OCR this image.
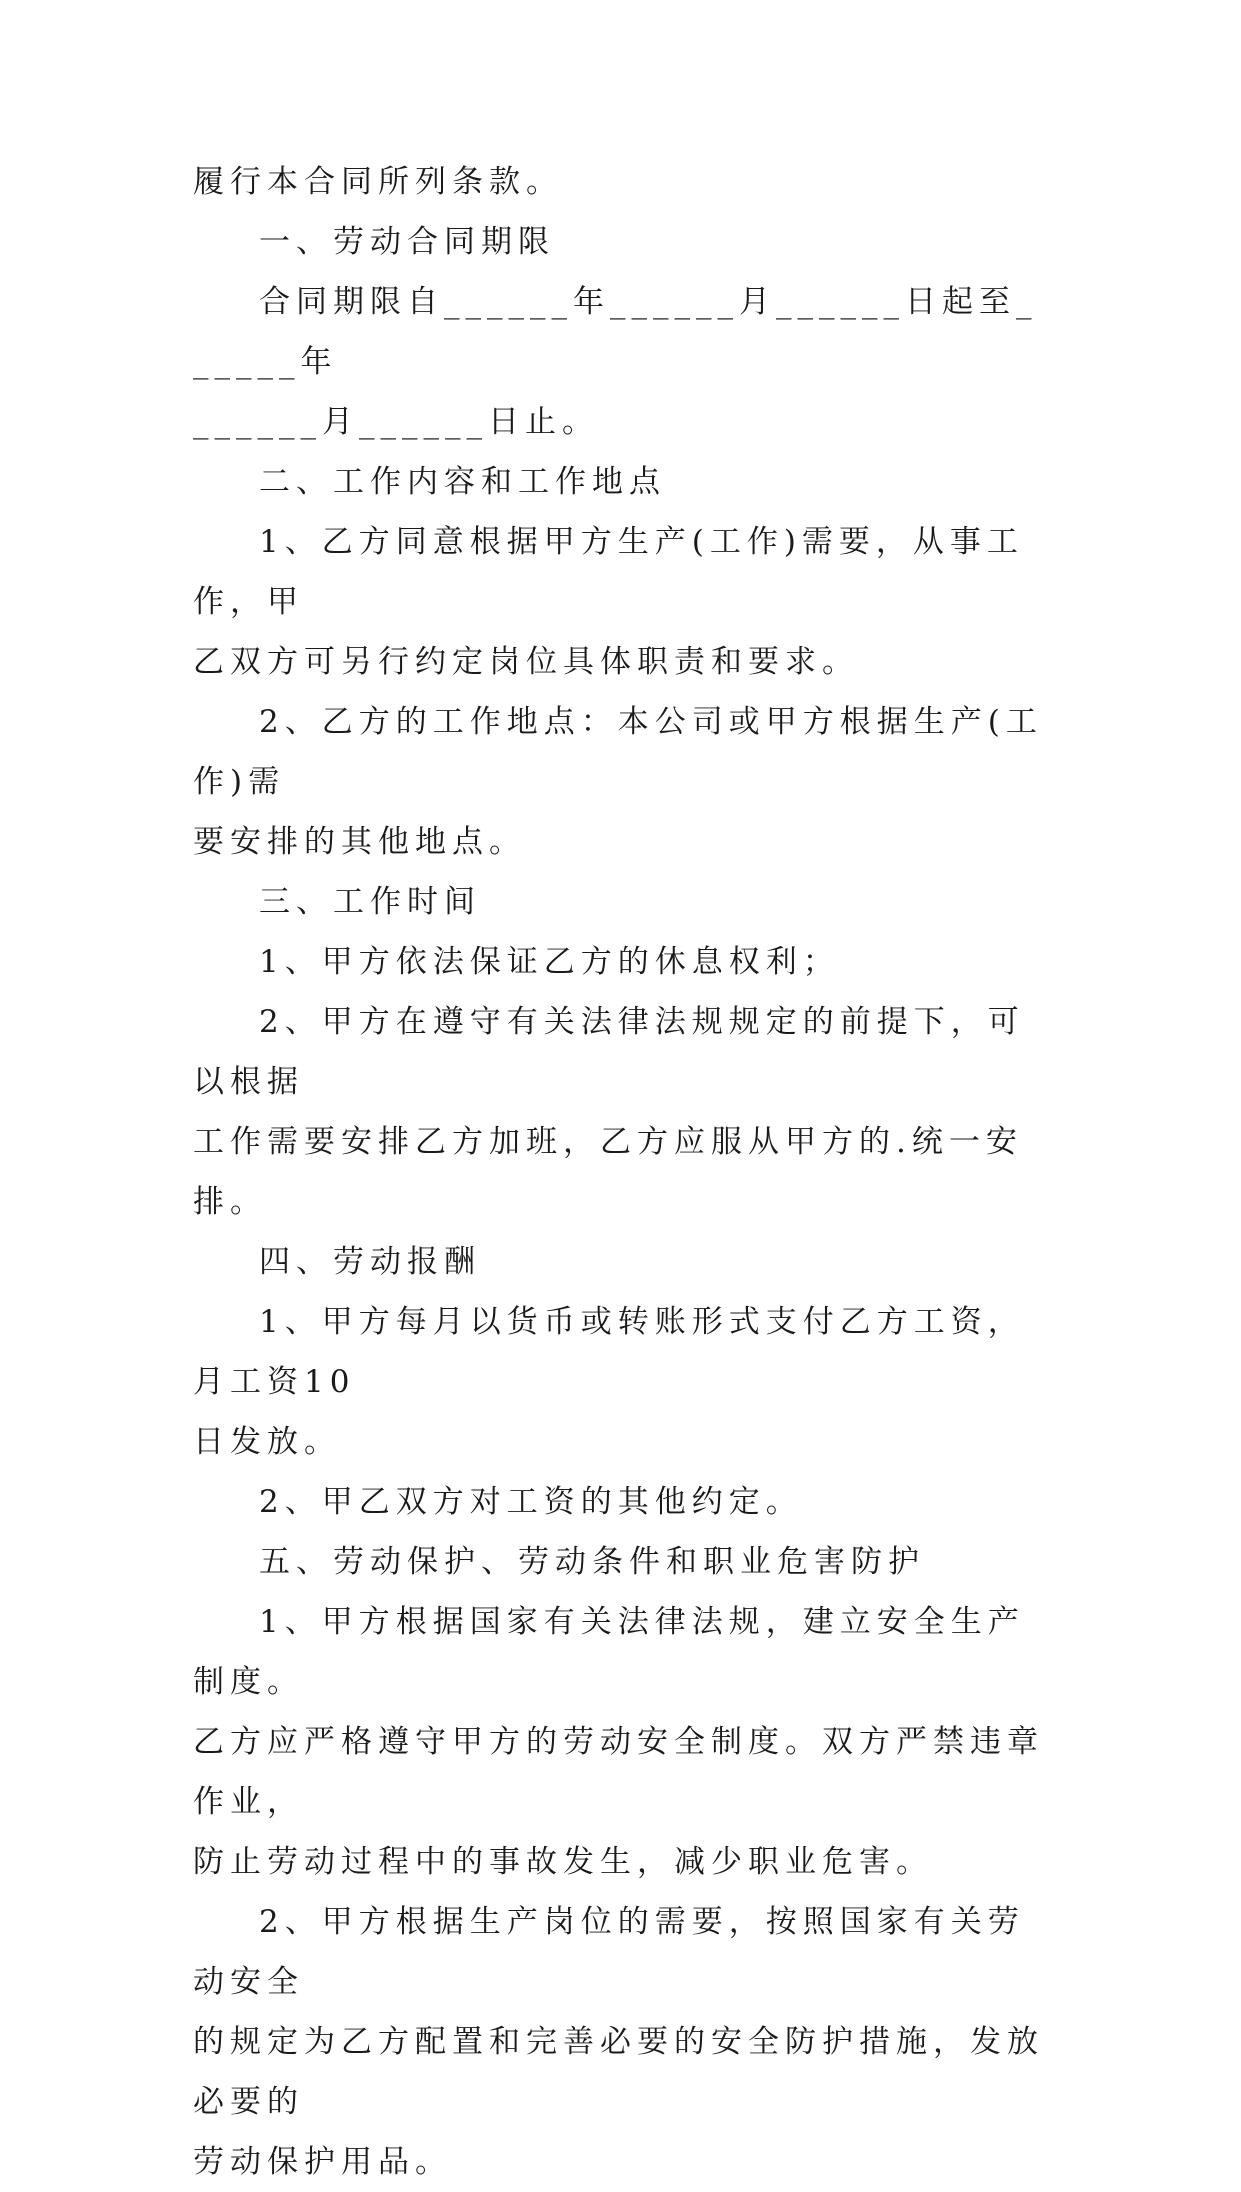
履行本合同所列条款。

一、劳动合同期限

合同期限自______年______月______日起至______年
______月______日止。

二、工作内容和工作地点

1、乙方同意根据甲方生产(工作)需要，从事工作，甲
乙双方可另行约定岗位具体职责和要求。

2、乙方的工作地点：本公司或甲方根据生产(工作)需
要安排的其他地点。

三、工作时间

1、甲方依法保证乙方的休息权利；

2、甲方在遵守有关法律法规规定的前提下，可以根据
工作需要安排乙方加班，乙方应服从甲方的.统一安排。

四、劳动报酬

1、甲方每月以货币或转账形式支付乙方工资，月工资10
日发放。

2、甲乙双方对工资的其他约定。

五、劳动保护、劳动条件和职业危害防护

1、甲方根据国家有关法律法规，建立安全生产制度。
乙方应严格遵守甲方的劳动安全制度。双方严禁违章作业，
防止劳动过程中的事故发生，减少职业危害。

2、甲方根据生产岗位的需要，按照国家有关劳动安全
的规定为乙方配置和完善必要的安全防护措施，发放必要的
劳动保护用品。
